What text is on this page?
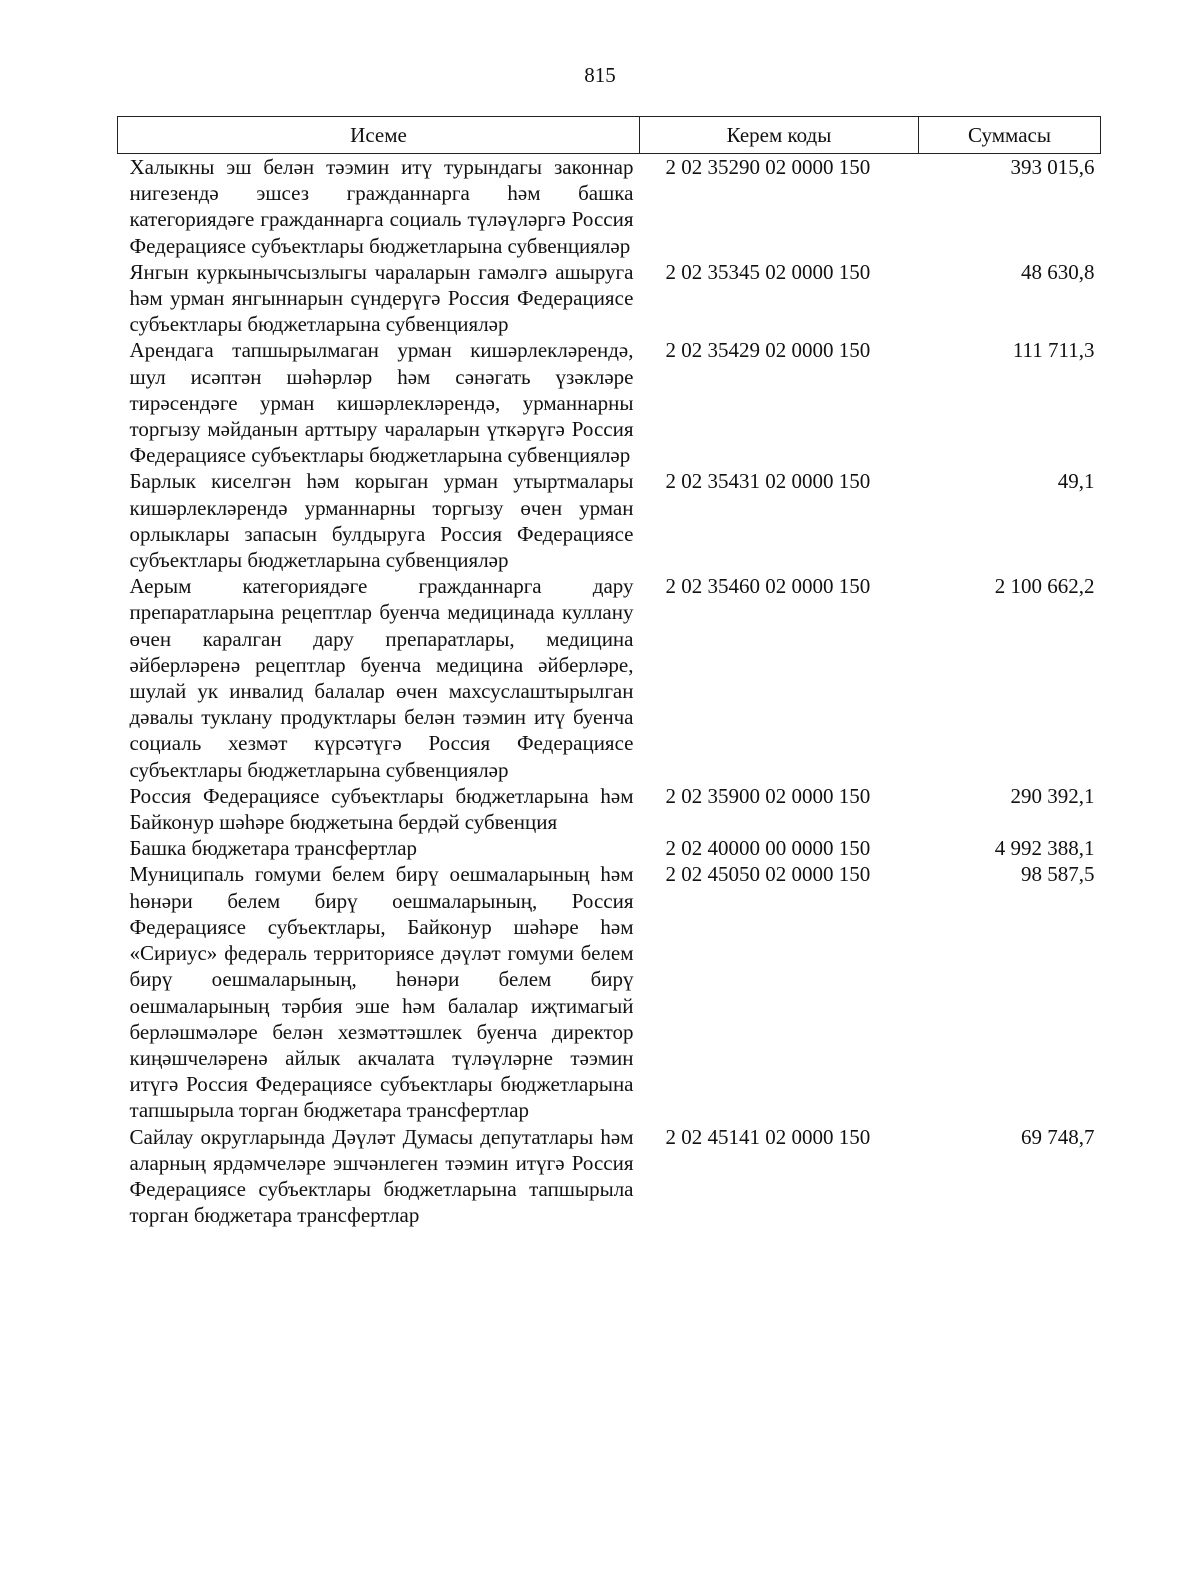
815
Исеме	Керем коды	Суммасы
Халыкны эш белән тәэмин итү турындагы законнар нигезендә эшсез гражданнарга һәм башка категориядәге гражданнарга социаль түләүләргә Россия Федерациясе субъектлары бюджетларына субвенцияләр	2 02 35290 02 0000 150	393 015,6
Янгын куркынычсызлыгы чараларын гамәлгә ашыруга һәм урман янгыннарын сүндерүгә Россия Федерациясе субъектлары бюджетларына субвенцияләр	2 02 35345 02 0000 150	48 630,8
Арендага тапшырылмаган урман кишәрлекләрендә, шул исәптән шәһәрләр һәм сәнәгать үзәкләре тирәсендәге урман кишәрлекләрендә, урманнарны торгызу мәйданын арттыру чараларын үткәрүгә Россия Федерациясе субъектлары бюджетларына субвенцияләр	2 02 35429 02 0000 150	111 711,3
Барлык киселгән һәм корыган урман утыртмалары кишәрлекләрендә урманнарны торгызу өчен урман орлыклары запасын булдыруга Россия Федерациясе субъектлары бюджетларына субвенцияләр	2 02 35431 02 0000 150	49,1
Аерым категориядәге гражданнарга дару препаратларына рецептлар буенча медицинада куллану өчен каралган дару препаратлары, медицина әйберләренә рецептлар буенча медицина әйберләре, шулай ук инвалид балалар өчен махсуслаштырылган дәвалы туклану продуктлары белән тәэмин итү буенча социаль хезмәт күрсәтүгә Россия Федерациясе субъектлары бюджетларына субвенцияләр	2 02 35460 02 0000 150	2 100 662,2
Россия Федерациясе субъектлары бюджетларына һәм Байконур шәһәре бюджетына бердәй субвенция	2 02 35900 02 0000 150	290 392,1
Башка бюджетара трансфертлар	2 02 40000 00 0000 150	4 992 388,1
Муниципаль гомуми белем бирү оешмаларының һәм һөнәри белем бирү оешмаларының, Россия Федерациясе субъектлары, Байконур шәһәре һәм «Сириус» федераль территориясе дәүләт гомуми белем бирү оешмаларының, һөнәри белем бирү оешмаларының тәрбия эше һәм балалар иҗтимагый берләшмәләре белән хезмәттәшлек буенча директор киңәшчеләренә айлык акчалата түләүләрне тәэмин итүгә Россия Федерациясе субъектлары бюджетларына тапшырыла торган бюджетара трансфертлар	2 02 45050 02 0000 150	98 587,5
Сайлау округларында Дәүләт Думасы депутатлары һәм аларның ярдәмчеләре эшчәнлеген тәэмин итүгә Россия Федерациясе субъектлары бюджетларына тапшырыла торган бюджетара трансфертлар	2 02 45141 02 0000 150	69 748,7
